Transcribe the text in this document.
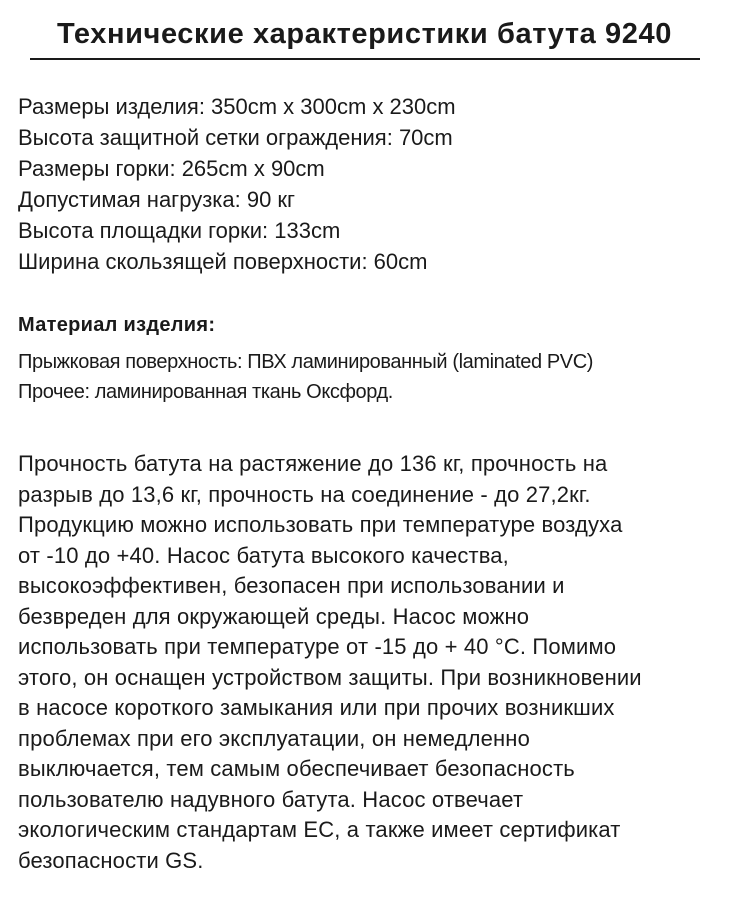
Технические характеристики батута 9240
Размеры изделия: 350cm x 300cm x 230cm
Высота защитной сетки ограждения: 70cm
Размеры горки: 265cm x 90cm
Допустимая нагрузка: 90 кг
Высота площадки горки: 133cm
Ширина скользящей поверхности: 60cm
Материал изделия:
Прыжковая поверхность: ПВХ ламинированный (laminated PVC)
Прочее: ламинированная ткань Оксфорд.
Прочность батута на растяжение до 136 кг, прочность на
разрыв до 13,6 кг, прочность на соединение - до 27,2кг.
Продукцию можно использовать при температуре воздуха
от -10 до +40. Насос батута высокого качества,
высокоэффективен, безопасен при использовании и
безвреден для окружающей среды. Насос можно
использовать при температуре от -15 до + 40 °С. Помимо
этого, он оснащен устройством защиты. При возникновении
в насосе короткого замыкания или при прочих возникших
проблемах при его эксплуатации, он немедленно
выключается, тем самым обеспечивает безопасность
пользователю надувного батута. Насос отвечает
экологическим стандартам ЕС, а также имеет сертификат
безопасности GS.
